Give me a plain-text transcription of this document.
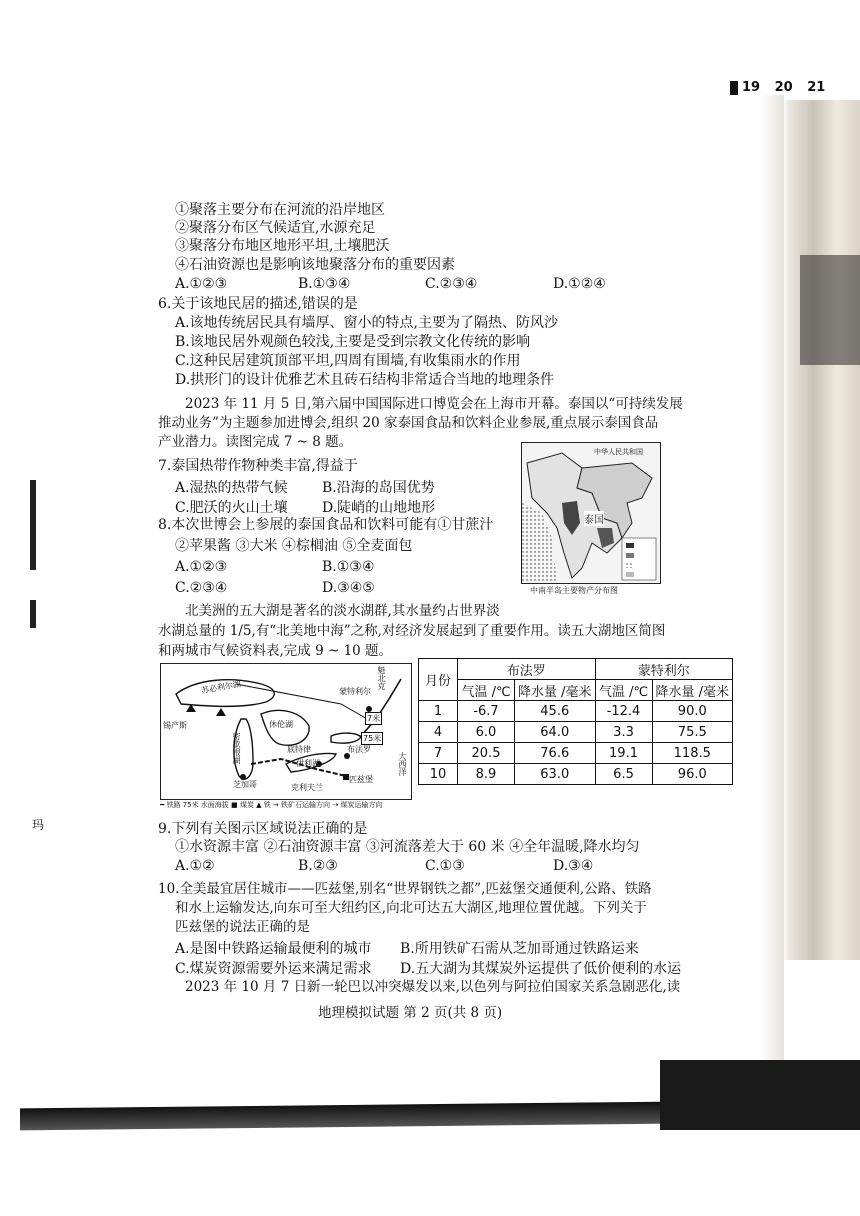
19 20 21
①聚落主要分布在河流的沿岸地区
②聚落分布区气候适宜,水源充足
③聚落分布地区地形平坦,土壤肥沃
④石油资源也是影响该地聚落分布的重要因素
A.①②③	B.①③④	C.②③④	D.①②④
6.关于该地民居的描述,错误的是
A.该地传统居民具有墙厚、窗小的特点,主要为了隔热、防风沙
B.该地民居外观颜色较浅,主要是受到宗教文化传统的影响
C.这种民居建筑顶部平坦,四周有围墙,有收集雨水的作用
D.拱形门的设计优雅艺术且砖石结构非常适合当地的地理条件
2023 年 11 月 5 日,第六届中国国际进口博览会在上海市开幕。泰国以“可持续发展
推动业务”为主题参加进博会,组织 20 家泰国食品和饮料企业参展,重点展示泰国食品
产业潜力。读图完成 7 ~ 8 题。
7.泰国热带作物种类丰富,得益于
A.湿热的热带气候 B.沿海的岛国优势
C.肥沃的火山土壤 D.陡峭的山地地形
8.本次世博会上参展的泰国食品和饮料可能有①甘蔗汁
②苹果酱 ③大米 ④棕榈油 ⑤全麦面包
A.①②③	B.①③④
C.②③④	D.③④⑤
中华人民共和国
泰国
中南半岛主要物产分布图
北美洲的五大湖是著名的淡水湖群,其水量约占世界淡
水湖总量的 1/5,有“北美地中海”之称,对经济发展起到了重要作用。读五大湖地区简图
和两城市气候资料表,完成 9 ~ 10 题。
苏必利尔湖
锡产斯	休伦湖
密歇根湖	底特律
伊利湖
布法罗
匹兹堡
芝加哥	克利夫兰
蒙特利尔
魁北克
大西洋
7米
75米
━ 铁路 75米 水面海拔 ■ 煤炭 ▲ 铁 → 铁矿石运输方向 ⇢ 煤炭运输方向
月份	布法罗		蒙特利尔	
	气温 /℃	降水量 /毫米	气温 /℃	降水量 /毫米
1	-6.7	45.6	-12.4	90.0
4	6.0	64.0	3.3	75.5
7	20.5	76.6	19.1	118.5
10	8.9	63.0	6.5	96.0
玛	9.下列有关图示区域说法正确的是
①水资源丰富 ②石油资源丰富 ③河流落差大于 60 米 ④全年温暖,降水均匀
A.①②	B.②③	C.①③	D.③④
10.全美最宜居住城市——匹兹堡,别名“世界钢铁之都”,匹兹堡交通便利,公路、铁路
和水上运输发达,向东可至大纽约区,向北可达五大湖区,地理位置优越。下列关于
匹兹堡的说法正确的是
A.是图中铁路运输最便利的城市 B.所用铁矿石需从芝加哥通过铁路运来
C.煤炭资源需要外运来满足需求 D.五大湖为其煤炭外运提供了低价便利的水运
2023 年 10 月 7 日新一轮巴以冲突爆发以来,以色列与阿拉伯国家关系急剧恶化,读
地理模拟试题 第 2 页(共 8 页)
